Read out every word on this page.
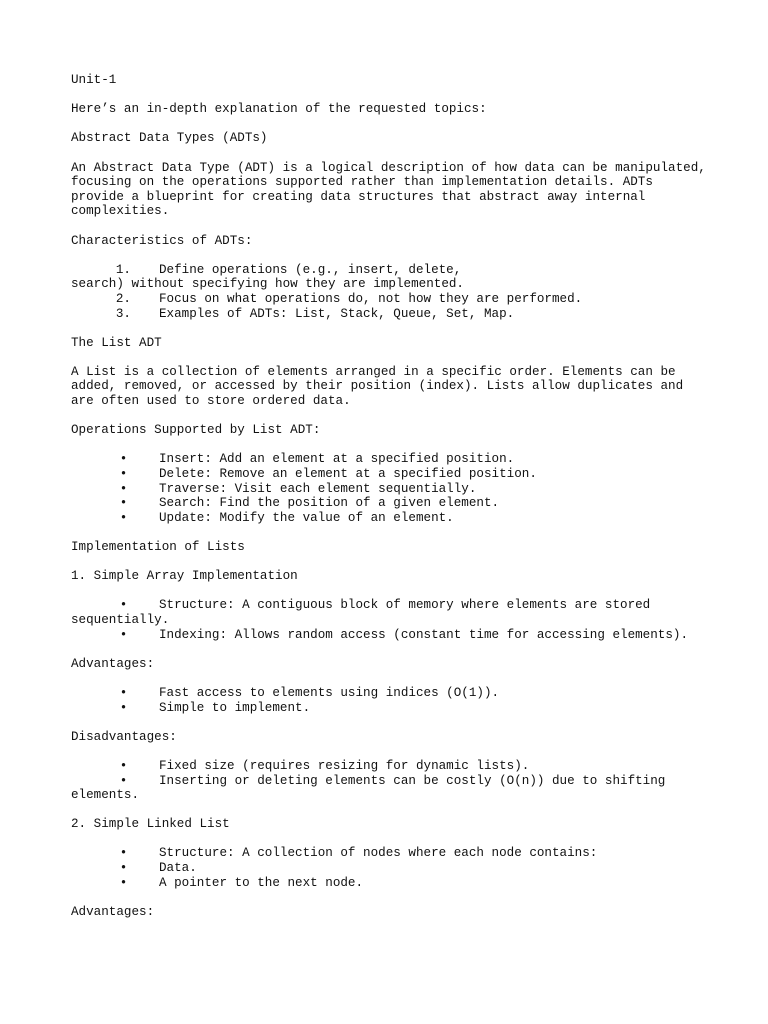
Unit-1

Here’s an in-depth explanation of the requested topics:

Abstract Data Types (ADTs)

An Abstract Data Type (ADT) is a logical description of how data can be manipulated, focusing on the operations supported rather than implementation details. ADTs provide a blueprint for creating data structures that abstract away internal complexities.

Characteristics of ADTs:

1. Define operations (e.g., insert, delete,
search) without specifying how they are implemented.
2. Focus on what operations do, not how they are performed.
3. Examples of ADTs: List, Stack, Queue, Set, Map.

The List ADT

A List is a collection of elements arranged in a specific order. Elements can be added, removed, or accessed by their position (index). Lists allow duplicates and are often used to store ordered data.

Operations Supported by List ADT:

•	Insert: Add an element at a specified position.
•	Delete: Remove an element at a specified position.
•	Traverse: Visit each element sequentially.
•	Search: Find the position of a given element.
•	Update: Modify the value of an element.

Implementation of Lists

1. Simple Array Implementation

•	Structure: A contiguous block of memory where elements are stored
sequentially.
•	Indexing: Allows random access (constant time for accessing elements).

Advantages:

•	Fast access to elements using indices (O(1)).
•	Simple to implement.

Disadvantages:

•	Fixed size (requires resizing for dynamic lists).
•	Inserting or deleting elements can be costly (O(n)) due to shifting
elements.

2. Simple Linked List

•	Structure: A collection of nodes where each node contains:
•	Data.
•	A pointer to the next node.

Advantages:
